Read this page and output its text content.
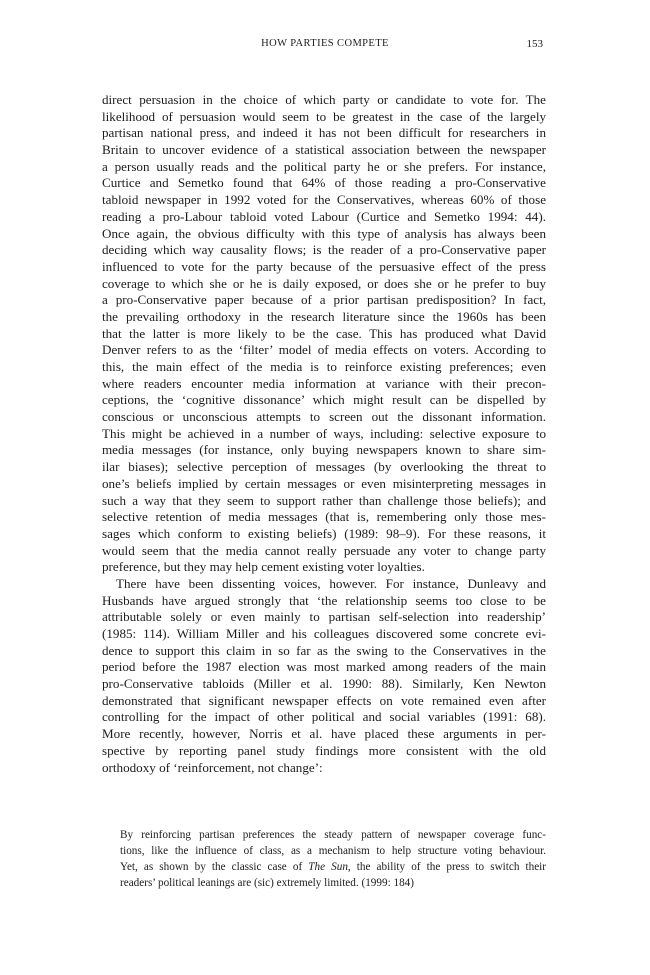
HOW PARTIES COMPETE	153
direct persuasion in the choice of which party or candidate to vote for. The
likelihood of persuasion would seem to be greatest in the case of the largely
partisan national press, and indeed it has not been difficult for researchers in
Britain to uncover evidence of a statistical association between the newspaper
a person usually reads and the political party he or she prefers. For instance,
Curtice and Semetko found that 64% of those reading a pro-Conservative
tabloid newspaper in 1992 voted for the Conservatives, whereas 60% of those
reading a pro-Labour tabloid voted Labour (Curtice and Semetko 1994: 44).
Once again, the obvious difficulty with this type of analysis has always been
deciding which way causality flows; is the reader of a pro-Conservative paper
influenced to vote for the party because of the persuasive effect of the press
coverage to which she or he is daily exposed, or does she or he prefer to buy
a pro-Conservative paper because of a prior partisan predisposition? In fact,
the prevailing orthodoxy in the research literature since the 1960s has been
that the latter is more likely to be the case. This has produced what David
Denver refers to as the ‘filter’ model of media effects on voters. According to
this, the main effect of the media is to reinforce existing preferences; even
where readers encounter media information at variance with their precon-
ceptions, the ‘cognitive dissonance’ which might result can be dispelled by
conscious or unconscious attempts to screen out the dissonant information.
This might be achieved in a number of ways, including: selective exposure to
media messages (for instance, only buying newspapers known to share sim-
ilar biases); selective perception of messages (by overlooking the threat to
one’s beliefs implied by certain messages or even misinterpreting messages in
such a way that they seem to support rather than challenge those beliefs); and
selective retention of media messages (that is, remembering only those mes-
sages which conform to existing beliefs) (1989: 98–9). For these reasons, it
would seem that the media cannot really persuade any voter to change party
preference, but they may help cement existing voter loyalties.
There have been dissenting voices, however. For instance, Dunleavy and
Husbands have argued strongly that ‘the relationship seems too close to be
attributable solely or even mainly to partisan self-selection into readership’
(1985: 114). William Miller and his colleagues discovered some concrete evi-
dence to support this claim in so far as the swing to the Conservatives in the
period before the 1987 election was most marked among readers of the main
pro-Conservative tabloids (Miller et al. 1990: 88). Similarly, Ken Newton
demonstrated that significant newspaper effects on vote remained even after
controlling for the impact of other political and social variables (1991: 68).
More recently, however, Norris et al. have placed these arguments in per-
spective by reporting panel study findings more consistent with the old
orthodoxy of ‘reinforcement, not change’:
By reinforcing partisan preferences the steady pattern of newspaper coverage func-
tions, like the influence of class, as a mechanism to help structure voting behaviour.
Yet, as shown by the classic case of The Sun, the ability of the press to switch their
readers’ political leanings are (sic) extremely limited. (1999: 184)
